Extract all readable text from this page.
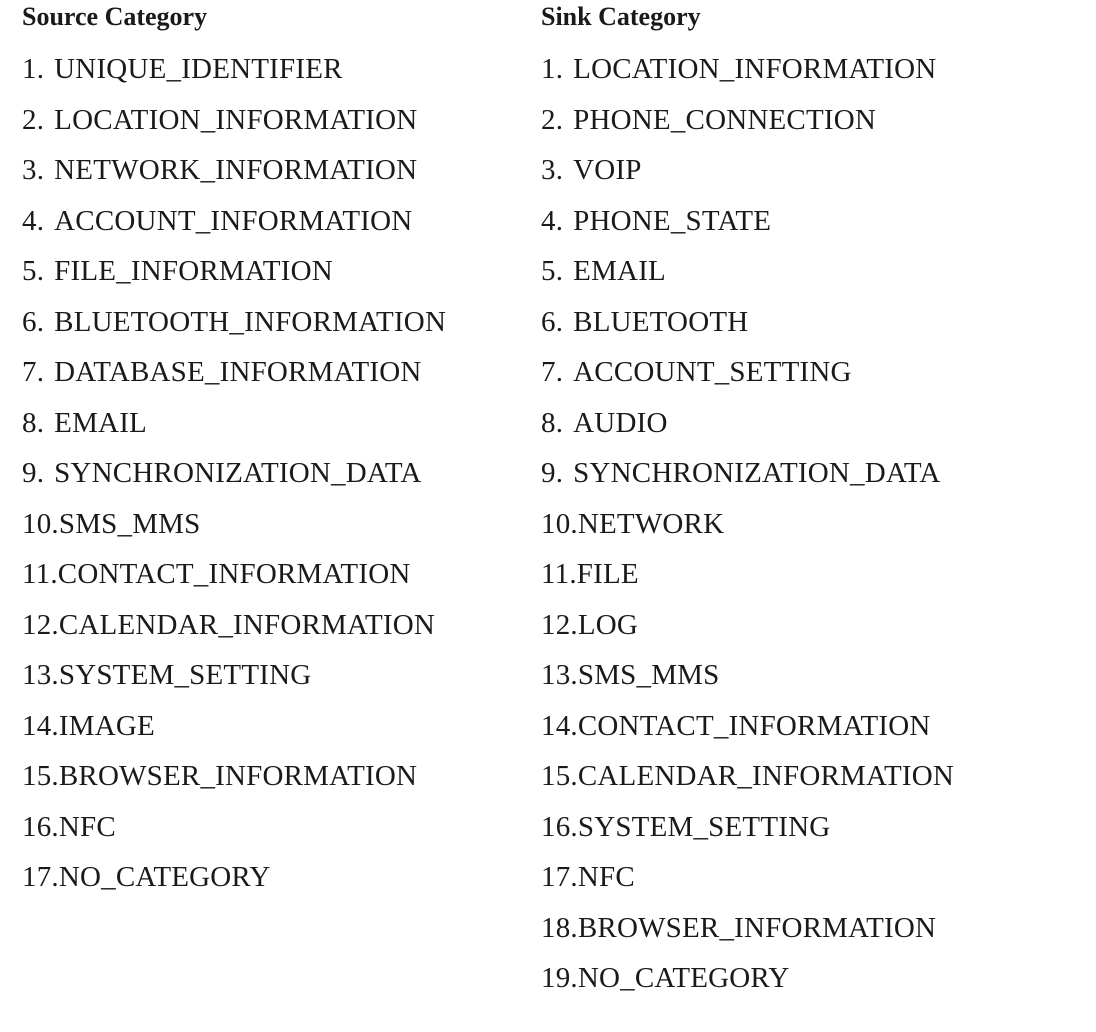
Source Category
1. UNIQUE_IDENTIFIER
2. LOCATION_INFORMATION
3. NETWORK_INFORMATION
4. ACCOUNT_INFORMATION
5. FILE_INFORMATION
6. BLUETOOTH_INFORMATION
7. DATABASE_INFORMATION
8. EMAIL
9. SYNCHRONIZATION_DATA
10.SMS_MMS
11.CONTACT_INFORMATION
12.CALENDAR_INFORMATION
13.SYSTEM_SETTING
14.IMAGE
15.BROWSER_INFORMATION
16.NFC
17.NO_CATEGORY
Sink Category
1. LOCATION_INFORMATION
2. PHONE_CONNECTION
3. VOIP
4. PHONE_STATE
5. EMAIL
6. BLUETOOTH
7. ACCOUNT_SETTING
8. AUDIO
9. SYNCHRONIZATION_DATA
10.NETWORK
11.FILE
12.LOG
13.SMS_MMS
14.CONTACT_INFORMATION
15.CALENDAR_INFORMATION
16.SYSTEM_SETTING
17.NFC
18.BROWSER_INFORMATION
19.NO_CATEGORY
